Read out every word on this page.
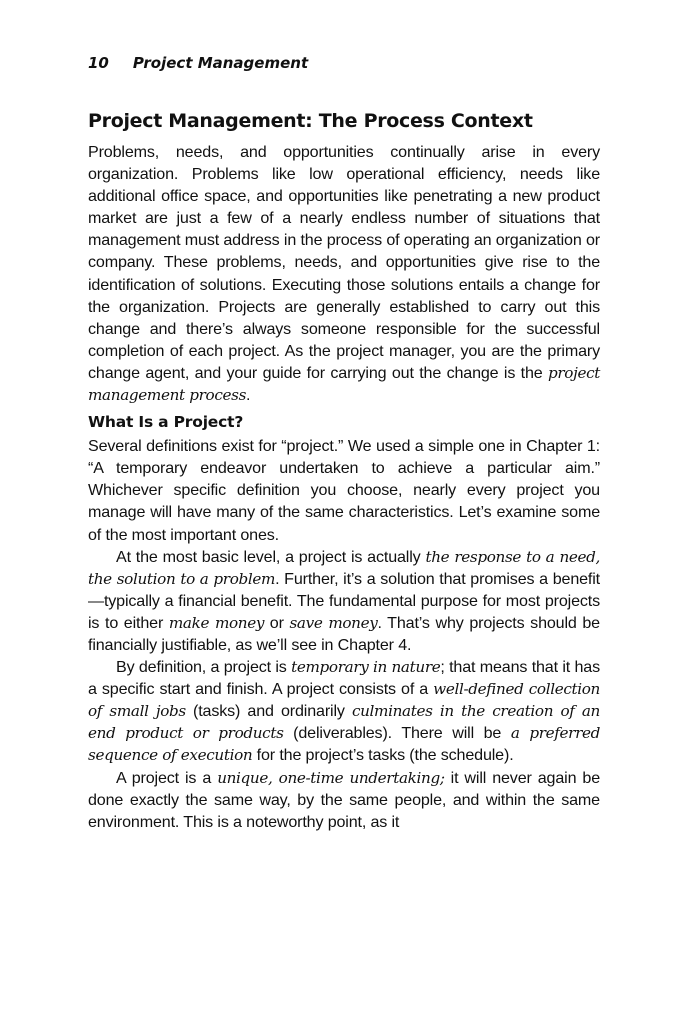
10 Project Management
Project Management: The Process Context

Problems, needs, and opportunities continually arise in every organization. Problems like low operational efficiency, needs like additional office space, and opportunities like penetrating a new product market are just a few of a nearly endless number of situations that management must address in the process of operating an organization or company. These problems, needs, and opportunities give rise to the identification of solutions. Executing those solutions entails a change for the organization. Projects are generally established to carry out this change and there’s always someone responsible for the successful completion of each project. As the project manager, you are the primary change agent, and your guide for carrying out the change is the project management process.

What Is a Project?

Several definitions exist for “project.” We used a simple one in Chapter 1: “A temporary endeavor undertaken to achieve a particular aim.” Whichever specific definition you choose, nearly every project you manage will have many of the same characteristics. Let’s examine some of the most important ones.

At the most basic level, a project is actually the response to a need, the solution to a problem. Further, it’s a solution that promises a benefit—typically a financial benefit. The fundamental purpose for most projects is to either make money or save money. That’s why projects should be financially justifiable, as we’ll see in Chapter 4.

By definition, a project is temporary in nature; that means that it has a specific start and finish. A project consists of a well-defined collection of small jobs (tasks) and ordinarily culminates in the creation of an end product or products (deliverables). There will be a preferred sequence of execution for the project’s tasks (the schedule).

A project is a unique, one-time undertaking; it will never again be done exactly the same way, by the same people, and within the same environment. This is a noteworthy point, as it
